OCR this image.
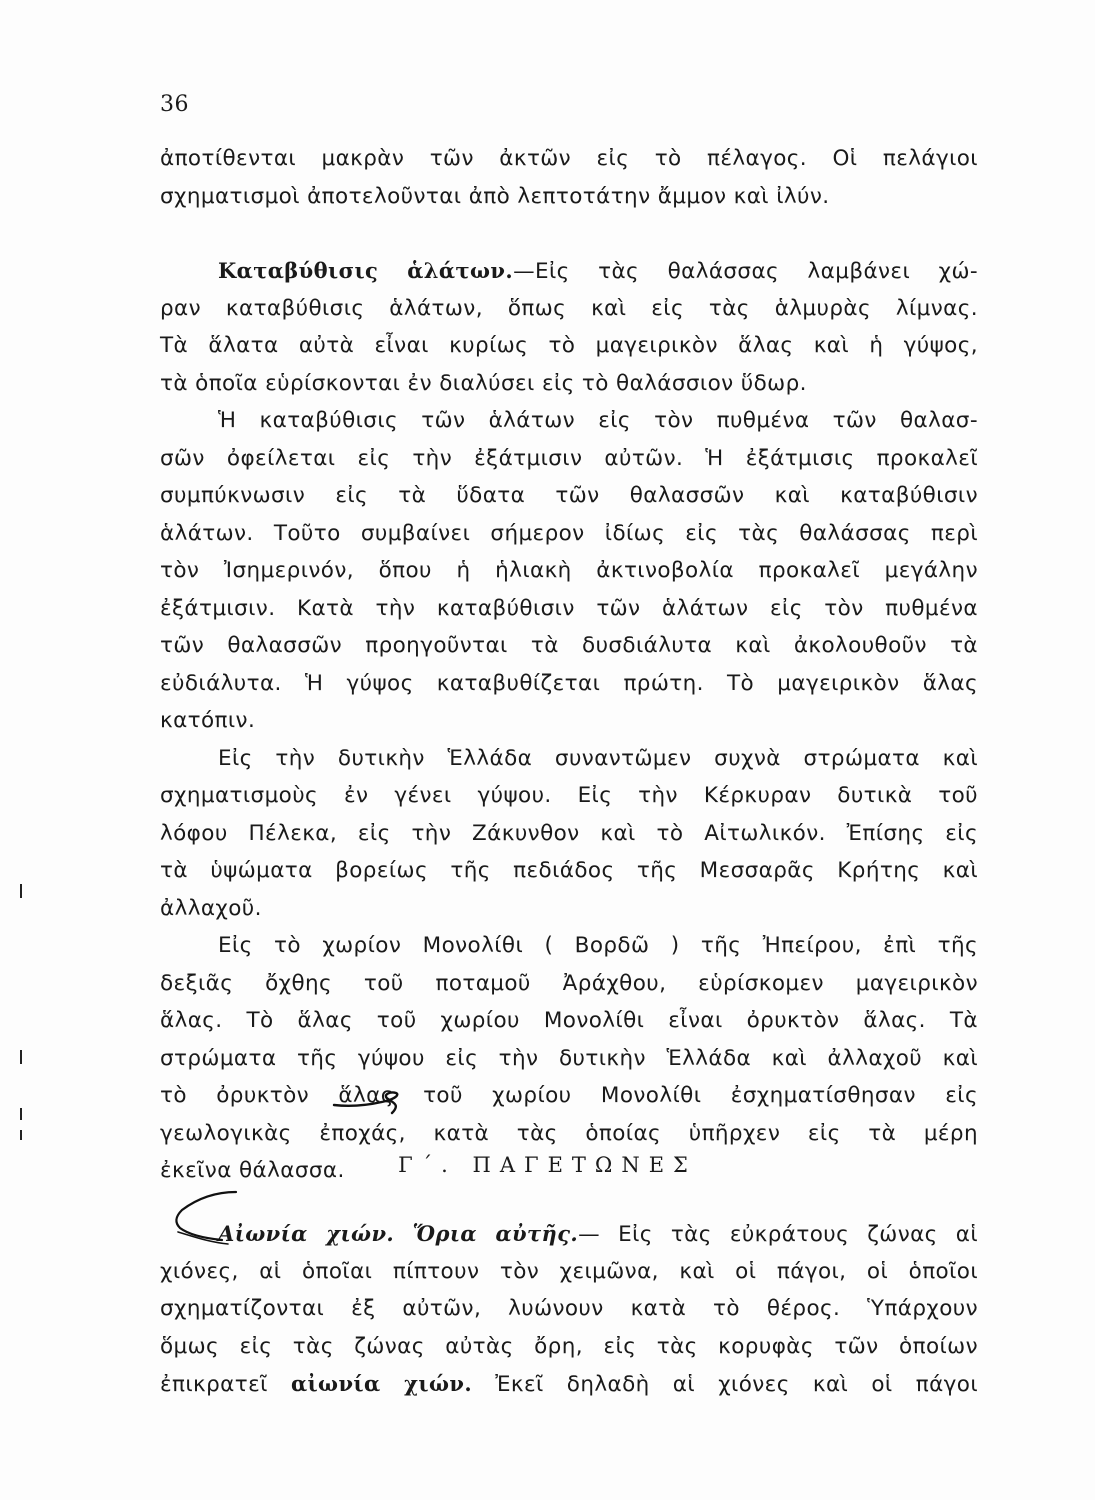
36
ἀποτίθενται μακρὰν τῶν ἀκτῶν εἰς τὸ πέλαγος. Οἱ πελάγιοι
σχηματισμοὶ ἀποτελοῦνται ἀπὸ λεπτοτάτην ἄμμον καὶ ἰλύν.
Καταβύθισις ἁλάτων.—Εἰς τὰς θαλάσσας λαμβάνει χώ-
ραν καταβύθισις ἁλάτων, ὅπως καὶ εἰς τὰς ἁλμυρὰς λίμνας.
Τὰ ἅλατα αὐτὰ εἶναι κυρίως τὸ μαγειρικὸν ἅλας καὶ ἡ γύψος,
τὰ ὁποῖα εὑρίσκονται ἐν διαλύσει εἰς τὸ θαλάσσιον ὕδωρ.
Ἡ καταβύθισις τῶν ἁλάτων εἰς τὸν πυθμένα τῶν θαλασ-
σῶν ὀφείλεται εἰς τὴν ἐξάτμισιν αὐτῶν. Ἡ ἐξάτμισις προκαλεῖ
συμπύκνωσιν εἰς τὰ ὕδατα τῶν θαλασσῶν καὶ καταβύθισιν
ἁλάτων. Τοῦτο συμβαίνει σήμερον ἰδίως εἰς τὰς θαλάσσας περὶ
τὸν Ἰσημερινόν, ὅπου ἡ ἡλιακὴ ἀκτινοβολία προκαλεῖ μεγάλην
ἐξάτμισιν. Κατὰ τὴν καταβύθισιν τῶν ἁλάτων εἰς τὸν πυθμένα
τῶν θαλασσῶν προηγοῦνται τὰ δυσδιάλυτα καὶ ἀκολουθοῦν τὰ
εὐδιάλυτα. Ἡ γύψος καταβυθίζεται πρώτη. Τὸ μαγειρικὸν ἅλας
κατόπιν.
Εἰς τὴν δυτικὴν Ἑλλάδα συναντῶμεν συχνὰ στρώματα καὶ
σχηματισμοὺς ἐν γένει γύψου. Εἰς τὴν Κέρκυραν δυτικὰ τοῦ
λόφου Πέλεκα, εἰς τὴν Ζάκυνθον καὶ τὸ Αἰτωλικόν. Ἐπίσης εἰς
τὰ ὑψώματα βορείως τῆς πεδιάδος τῆς Μεσσαρᾶς Κρήτης καὶ
ἀλλαχοῦ.
Εἰς τὸ χωρίον Μονολίθι ( Βορδῶ ) τῆς Ἠπείρου, ἐπὶ τῆς
δεξιᾶς ὄχθης τοῦ ποταμοῦ Ἀράχθου, εὑρίσκομεν μαγειρικὸν
ἅλας. Τὸ ἅλας τοῦ χωρίου Μονολίθι εἶναι ὀρυκτὸν ἅλας. Τὰ
στρώματα τῆς γύψου εἰς τὴν δυτικὴν Ἑλλάδα καὶ ἀλλαχοῦ καὶ
τὸ ὀρυκτὸν ἅλας τοῦ χωρίου Μονολίθι ἐσχηματίσθησαν εἰς
γεωλογικὰς ἐποχάς, κατὰ τὰς ὁποίας ὑπῆρχεν εἰς τὰ μέρη
ἐκεῖνα θάλασσα.	Γ΄. ΠΑΓΕΤΩΝΕΣ
Αἰωνία χιών. Ὅρια αὐτῆς.— Εἰς τὰς εὐκράτους ζώνας αἱ
χιόνες, αἱ ὁποῖαι πίπτουν τὸν χειμῶνα, καὶ οἱ πάγοι, οἱ ὁποῖοι
σχηματίζονται ἐξ αὐτῶν, λυώνουν κατὰ τὸ θέρος. Ὑπάρχουν
ὅμως εἰς τὰς ζώνας αὐτὰς ὄρη, εἰς τὰς κορυφὰς τῶν ὁποίων
ἐπικρατεῖ αἰωνία χιών. Ἐκεῖ δηλαδὴ αἱ χιόνες καὶ οἱ πάγοι
